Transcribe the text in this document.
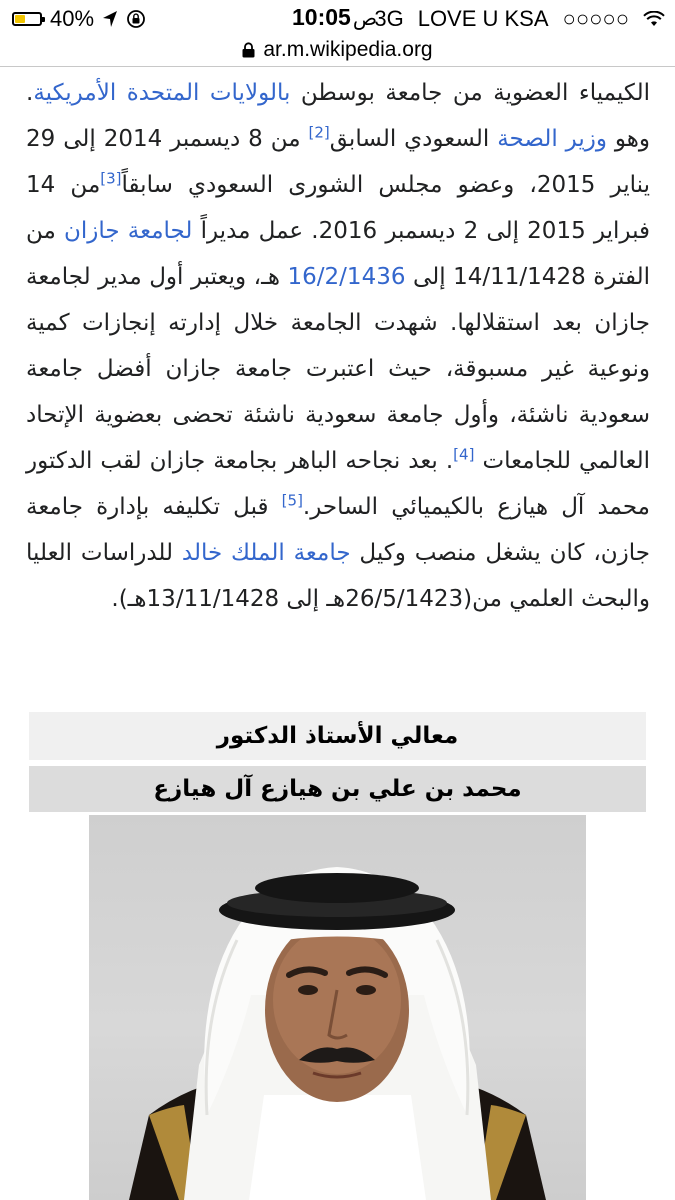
40%	10:05 ص
3G LOVE U KSA ○○○○○
ar.m.wikipedia.org
الكيمياء العضوية من جامعة بوسطن بالولايات المتحدة الأمريكية. وهو وزير الصحة السعودي السابق[2] من 8 ديسمبر 2014 إلى 29 يناير 2015، وعضو مجلس الشورى السعودي سابقاً[3]من 14 فبراير 2015 إلى 2 ديسمبر 2016. عمل مديراً لجامعة جازان من الفترة 14/11/1428 إلى 16/2/1436 هـ، ويعتبر أول مدير لجامعة جازان بعد استقلالها. شهدت الجامعة خلال إدارته إنجازات كمية ونوعية غير مسبوقة، حيث اعتبرت جامعة جازان أفضل جامعة سعودية ناشئة، وأول جامعة سعودية ناشئة تحضى بعضوية الإتحاد العالمي للجامعات [4]. بعد نجاحه الباهر بجامعة جازان لقب الدكتور محمد آل هيازع بالكيميائي الساحر.[5] قبل تكليفه بإدارة جامعة جازن، كان يشغل منصب وكيل جامعة الملك خالد للدراسات العليا والبحث العلمي من(26/5/1423هـ إلى 13/11/1428هـ).
معالي الأستاذ الدكتور
محمد بن علي بن هيازع آل هيازع
